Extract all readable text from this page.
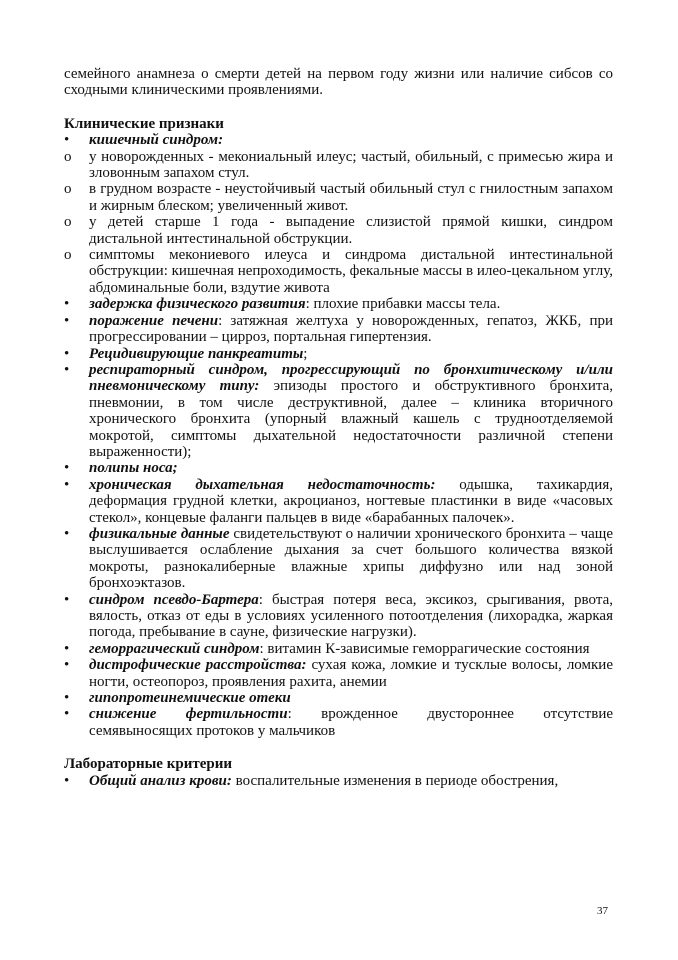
семейного анамнеза о смерти детей на первом году жизни или наличие сибсов со сходными клиническими проявлениями.

Клинические признаки
•	кишечный синдром:
o	у новорожденных - мекониальный илеус; частый, обильный, с примесью жира и зловонным запахом стул.
o	в грудном возрасте - неустойчивый частый обильный стул с гнилостным запахом и жирным блеском; увеличенный живот.
o	у детей старше 1 года - выпадение слизистой прямой кишки, синдром дистальной интестинальной обструкции.
o	симптомы мекониевого илеуса и синдрома дистальной интестинальной обструкции: кишечная непроходимость, фекальные массы в илео-цекальном углу, абдоминальные боли, вздутие живота
•	задержка физического развития: плохие прибавки массы тела.
•	поражение печени: затяжная желтуха у новорожденных, гепатоз, ЖКБ, при прогрессировании – цирроз, портальная гипертензия.
•	Рецидивирующие панкреатиты;
•	респираторный синдром, прогрессирующий по бронхитическому и/или пневмоническому типу: эпизоды простого и обструктивного бронхита, пневмонии, в том числе деструктивной, далее – клиника вторичного хронического бронхита (упорный влажный кашель с трудноотделяемой мокротой, симптомы дыхательной недостаточности различной степени выраженности);
•	полипы носа;
•	хроническая дыхательная недостаточность: одышка, тахикардия, деформация грудной клетки, акроцианоз, ногтевые пластинки в виде «часовых стекол», концевые фаланги пальцев в виде «барабанных палочек».
•	физикальные данные свидетельствуют о наличии хронического бронхита – чаще выслушивается ослабление дыхания за счет большого количества вязкой мокроты, разнокалиберные влажные хрипы диффузно или над зоной бронхоэктазов.
•	синдром псевдо-Бартера: быстрая потеря веса, эксикоз, срыгивания, рвота, вялость, отказ от еды в условиях усиленного потоотделения (лихорадка, жаркая погода, пребывание в сауне, физические нагрузки).
•	геморрагический синдром: витамин К-зависимые геморрагические состояния
•	дистрофические расстройства: сухая кожа, ломкие и тусклые волосы, ломкие ногти, остеопороз, проявления рахита, анемии
•	гипопротеинемические отеки
•	снижение фертильности: врожденное двустороннее отсутствие семявыносящих протоков у мальчиков
Лабораторные критерии
•	Общий анализ крови: воспалительные изменения в периоде обострения,
37
